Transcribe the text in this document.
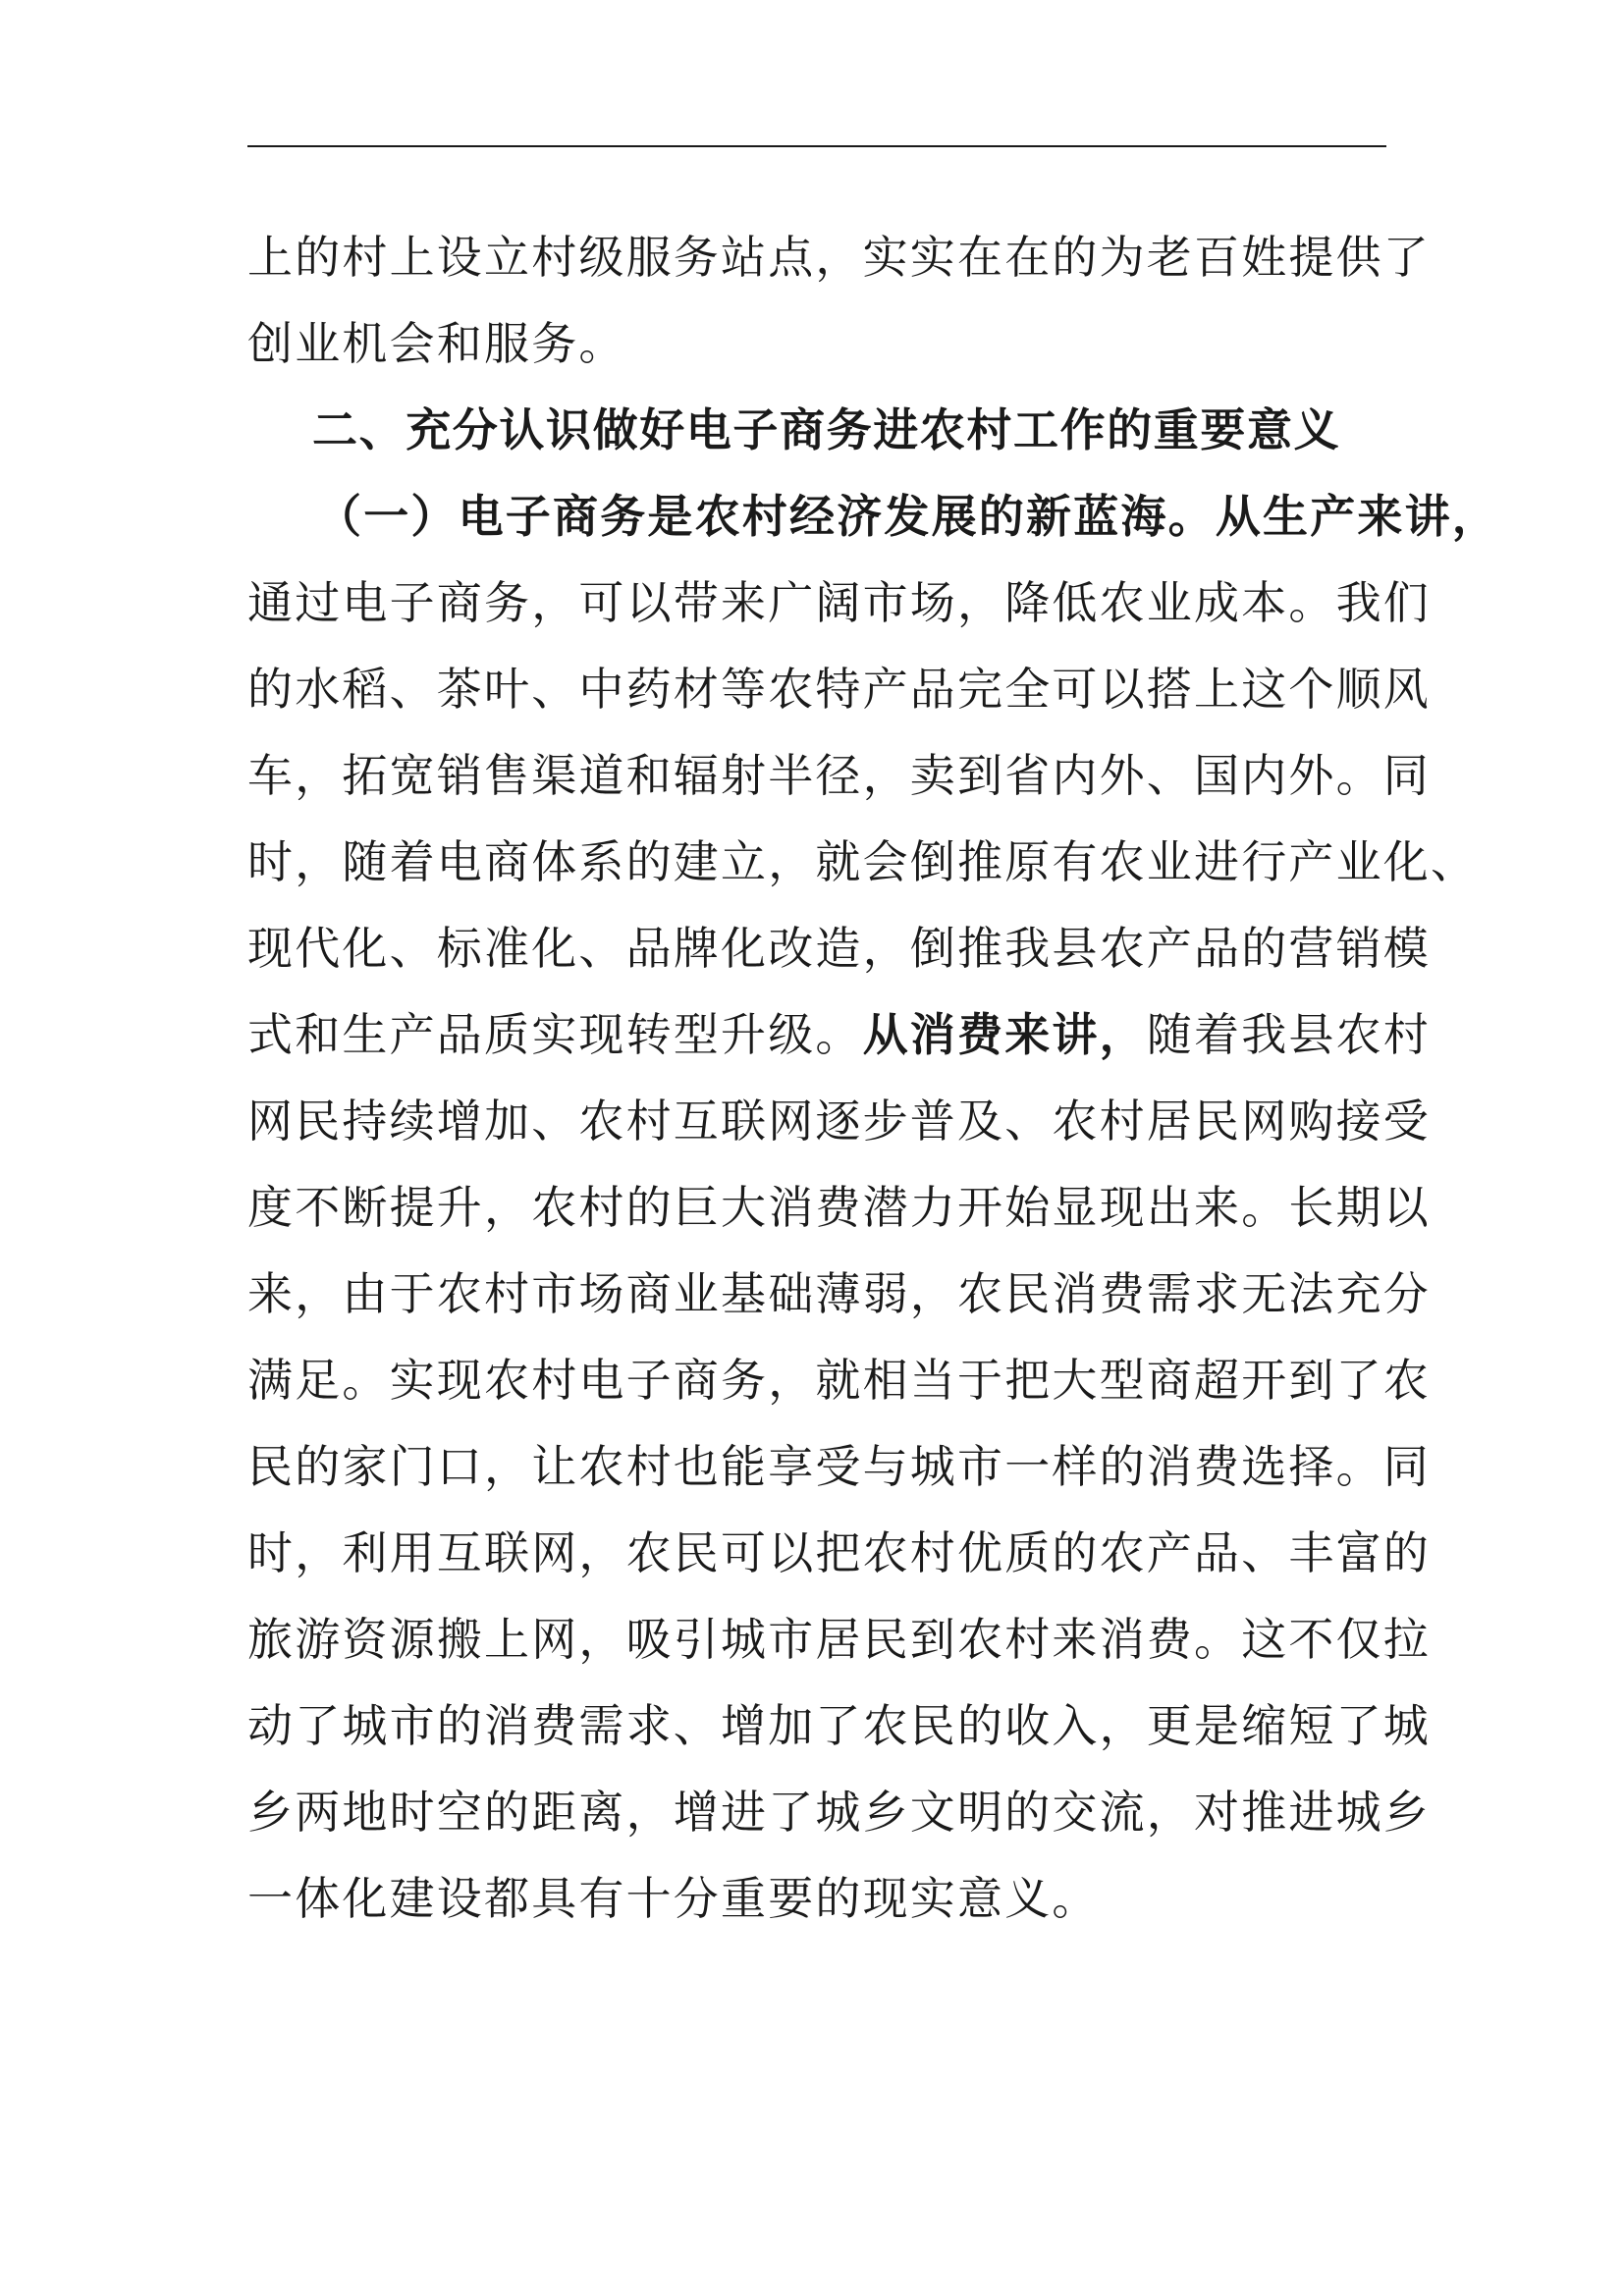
上的村上设立村级服务站点，实实在在的为老百姓提供了
创业机会和服务。
二、充分认识做好电子商务进农村工作的重要意义
（一）电子商务是农村经济发展的新蓝海。从生产来讲，
通过电子商务，可以带来广阔市场，降低农业成本。我们
的水稻、茶叶、中药材等农特产品完全可以搭上这个顺风
车，拓宽销售渠道和辐射半径，卖到省内外、国内外。同
时，随着电商体系的建立，就会倒推原有农业进行产业化、
现代化、标准化、品牌化改造，倒推我县农产品的营销模
式和生产品质实现转型升级。从消费来讲，随着我县农村
网民持续增加、农村互联网逐步普及、农村居民网购接受
度不断提升，农村的巨大消费潜力开始显现出来。长期以
来，由于农村市场商业基础薄弱，农民消费需求无法充分
满足。实现农村电子商务，就相当于把大型商超开到了农
民的家门口，让农村也能享受与城市一样的消费选择。同
时，利用互联网，农民可以把农村优质的农产品、丰富的
旅游资源搬上网，吸引城市居民到农村来消费。这不仅拉
动了城市的消费需求、增加了农民的收入，更是缩短了城
乡两地时空的距离，增进了城乡文明的交流，对推进城乡
一体化建设都具有十分重要的现实意义。
